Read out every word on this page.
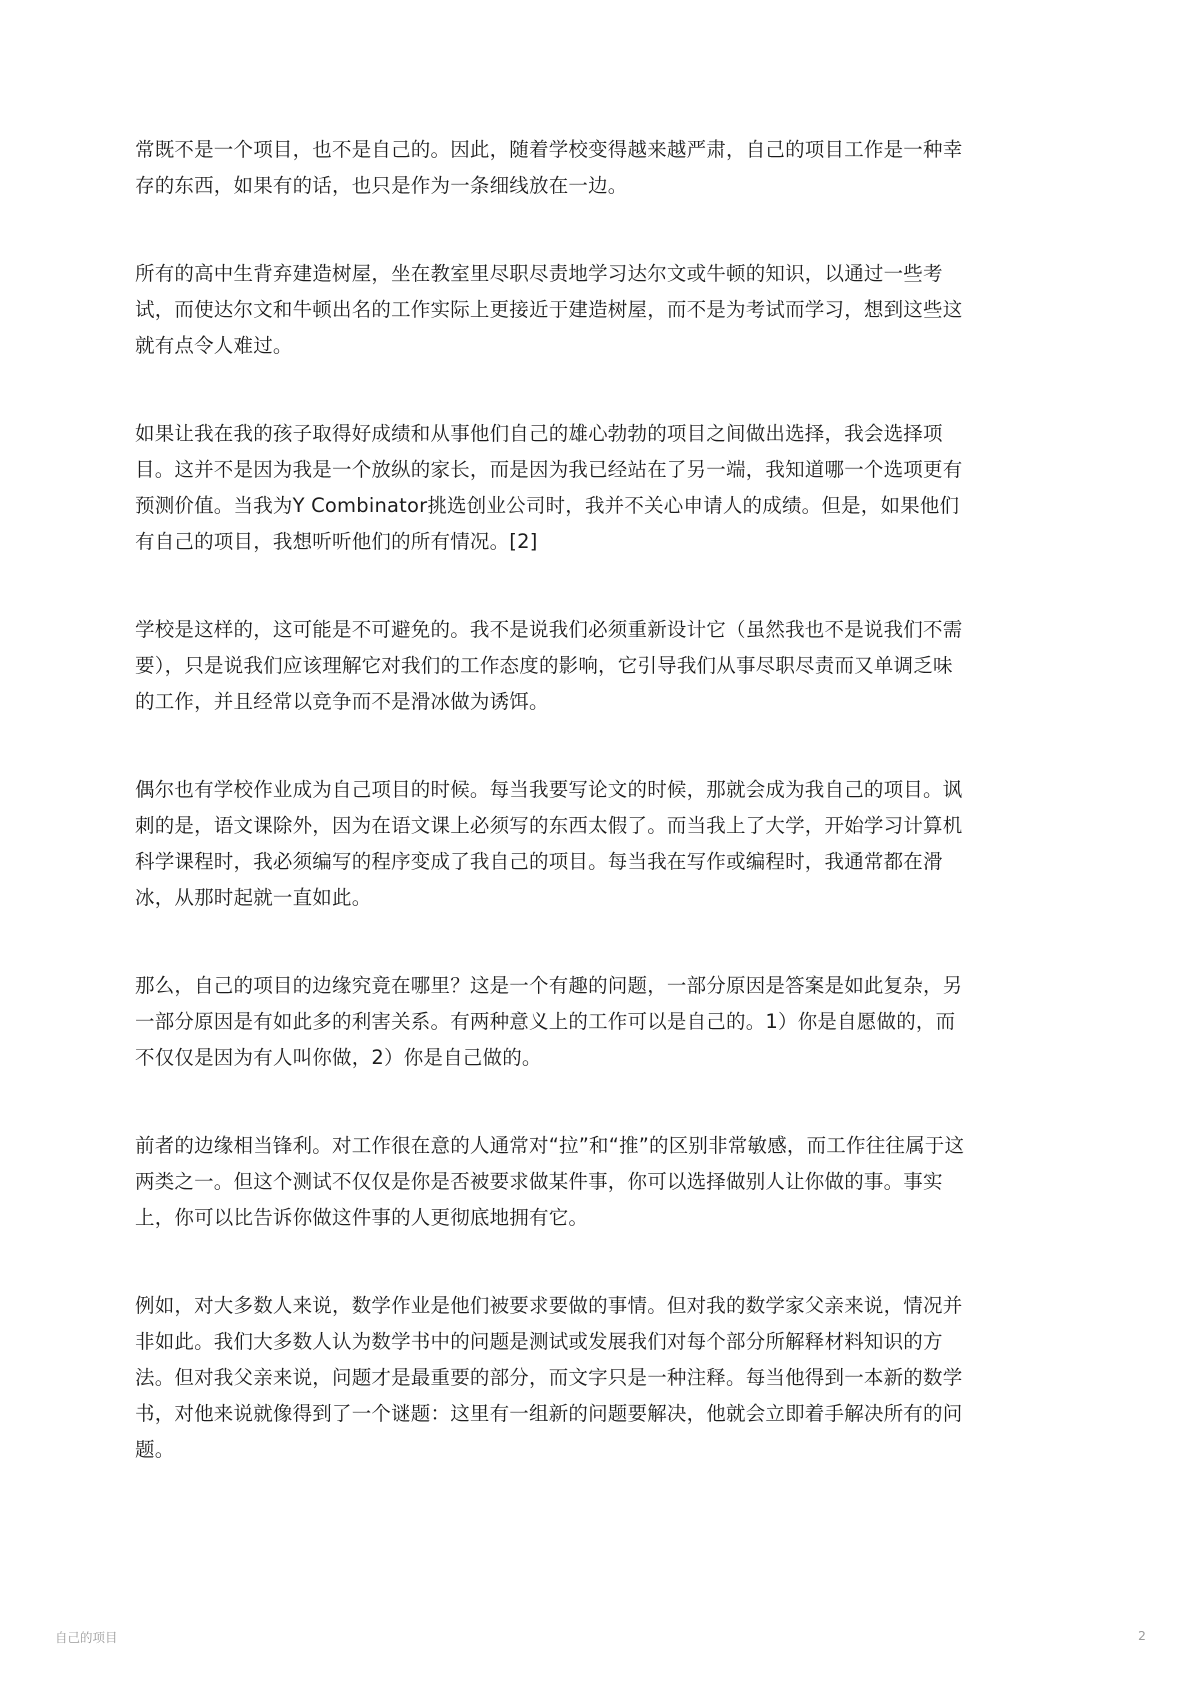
常既不是一个项目，也不是自己的。因此，随着学校变得越来越严肃，自己的项目工作是一种幸存的东西，如果有的话，也只是作为一条细线放在一边。

所有的高中生背弃建造树屋，坐在教室里尽职尽责地学习达尔文或牛顿的知识，以通过一些考试，而使达尔文和牛顿出名的工作实际上更接近于建造树屋，而不是为考试而学习，想到这些这就有点令人难过。

如果让我在我的孩子取得好成绩和从事他们自己的雄心勃勃的项目之间做出选择，我会选择项目。这并不是因为我是一个放纵的家长，而是因为我已经站在了另一端，我知道哪一个选项更有预测价值。当我为Y Combinator挑选创业公司时，我并不关心申请人的成绩。但是，如果他们有自己的项目，我想听听他们的所有情况。[2]

学校是这样的，这可能是不可避免的。我不是说我们必须重新设计它（虽然我也不是说我们不需要），只是说我们应该理解它对我们的工作态度的影响，它引导我们从事尽职尽责而又单调乏味的工作，并且经常以竞争而不是滑冰做为诱饵。

偶尔也有学校作业成为自己项目的时候。每当我要写论文的时候，那就会成为我自己的项目。讽刺的是，语文课除外，因为在语文课上必须写的东西太假了。而当我上了大学，开始学习计算机科学课程时，我必须编写的程序变成了我自己的项目。每当我在写作或编程时，我通常都在滑冰，从那时起就一直如此。

那么，自己的项目的边缘究竟在哪里？这是一个有趣的问题，一部分原因是答案是如此复杂，另一部分原因是有如此多的利害关系。有两种意义上的工作可以是自己的。1）你是自愿做的，而不仅仅是因为有人叫你做，2）你是自己做的。

前者的边缘相当锋利。对工作很在意的人通常对“拉”和“推”的区别非常敏感，而工作往往属于这两类之一。但这个测试不仅仅是你是否被要求做某件事，你可以选择做别人让你做的事。事实上，你可以比告诉你做这件事的人更彻底地拥有它。

例如，对大多数人来说，数学作业是他们被要求要做的事情。但对我的数学家父亲来说，情况并非如此。我们大多数人认为数学书中的问题是测试或发展我们对每个部分所解释材料知识的方法。但对我父亲来说，问题才是最重要的部分，而文字只是一种注释。每当他得到一本新的数学书，对他来说就像得到了一个谜题：这里有一组新的问题要解决，他就会立即着手解决所有的问题。

自己的项目	2
